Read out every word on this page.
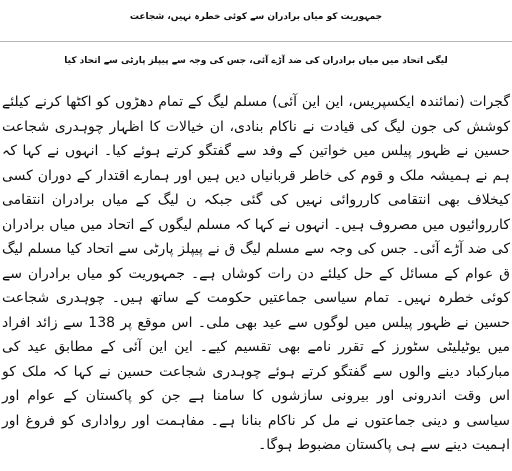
جمہوریت کو میاں برادران سے کوئی خطرہ نہیں، شجاعت
لیگی اتحاد میں میاں برادران کی ضد آڑے آئی، جس کی وجہ سے پیپلز پارٹی سے اتحاد کیا

گجرات (نمائندہ ایکسپریس، این این آئی) مسلم لیگ کے تمام دھڑوں کو اکٹھا کرنے کیلئے کوشش کی جون لیگ کی قیادت نے ناکام بنادی، ان خیالات کا اظہار چوہدری شجاعت حسین نے ظہور پیلس میں خواتین کے وفد سے گفتگو کرتے ہوئے کیا۔ انہوں نے کہا کہ ہم نے ہمیشہ ملک و قوم کی خاطر قربانیاں دیں ہیں اور ہمارے اقتدار کے دوران کسی کیخلاف بھی انتقامی کارروائی نہیں کی گئی جبکہ ن لیگ کے میاں برادران انتقامی کارروائیوں میں مصروف ہیں۔ انہوں نے کہا کہ مسلم لیگوں کے اتحاد میں میاں برادران کی ضد آڑے آئی۔ جس کی وجہ سے مسلم لیگ ق نے پیپلز پارٹی سے اتحاد کیا مسلم لیگ ق عوام کے مسائل کے حل کیلئے دن رات کوشاں ہے۔ جمہوریت کو میاں برادران سے کوئی خطرہ نہیں۔ تمام سیاسی جماعتیں حکومت کے ساتھ ہیں۔ چوہدری شجاعت حسین نے ظہور پیلس میں لوگوں سے عید بھی ملی۔ اس موقع پر 138 سے زائد افراد میں یوٹیلیٹی سٹورز کے تقرر نامے بھی تقسیم کیے۔ این این آئی کے مطابق عید کی مبارکباد دینے والوں سے گفتگو کرتے ہوئے چوہدری شجاعت حسین نے کہا کہ ملک کو اس وقت اندرونی اور بیرونی سازشوں کا سامنا ہے جن کو پاکستان کے عوام اور سیاسی و دینی جماعتوں نے مل کر ناکام بنانا ہے۔ مفاہمت اور رواداری کو فروغ اور اہمیت دینے سے ہی پاکستان مضبوط ہوگا۔
